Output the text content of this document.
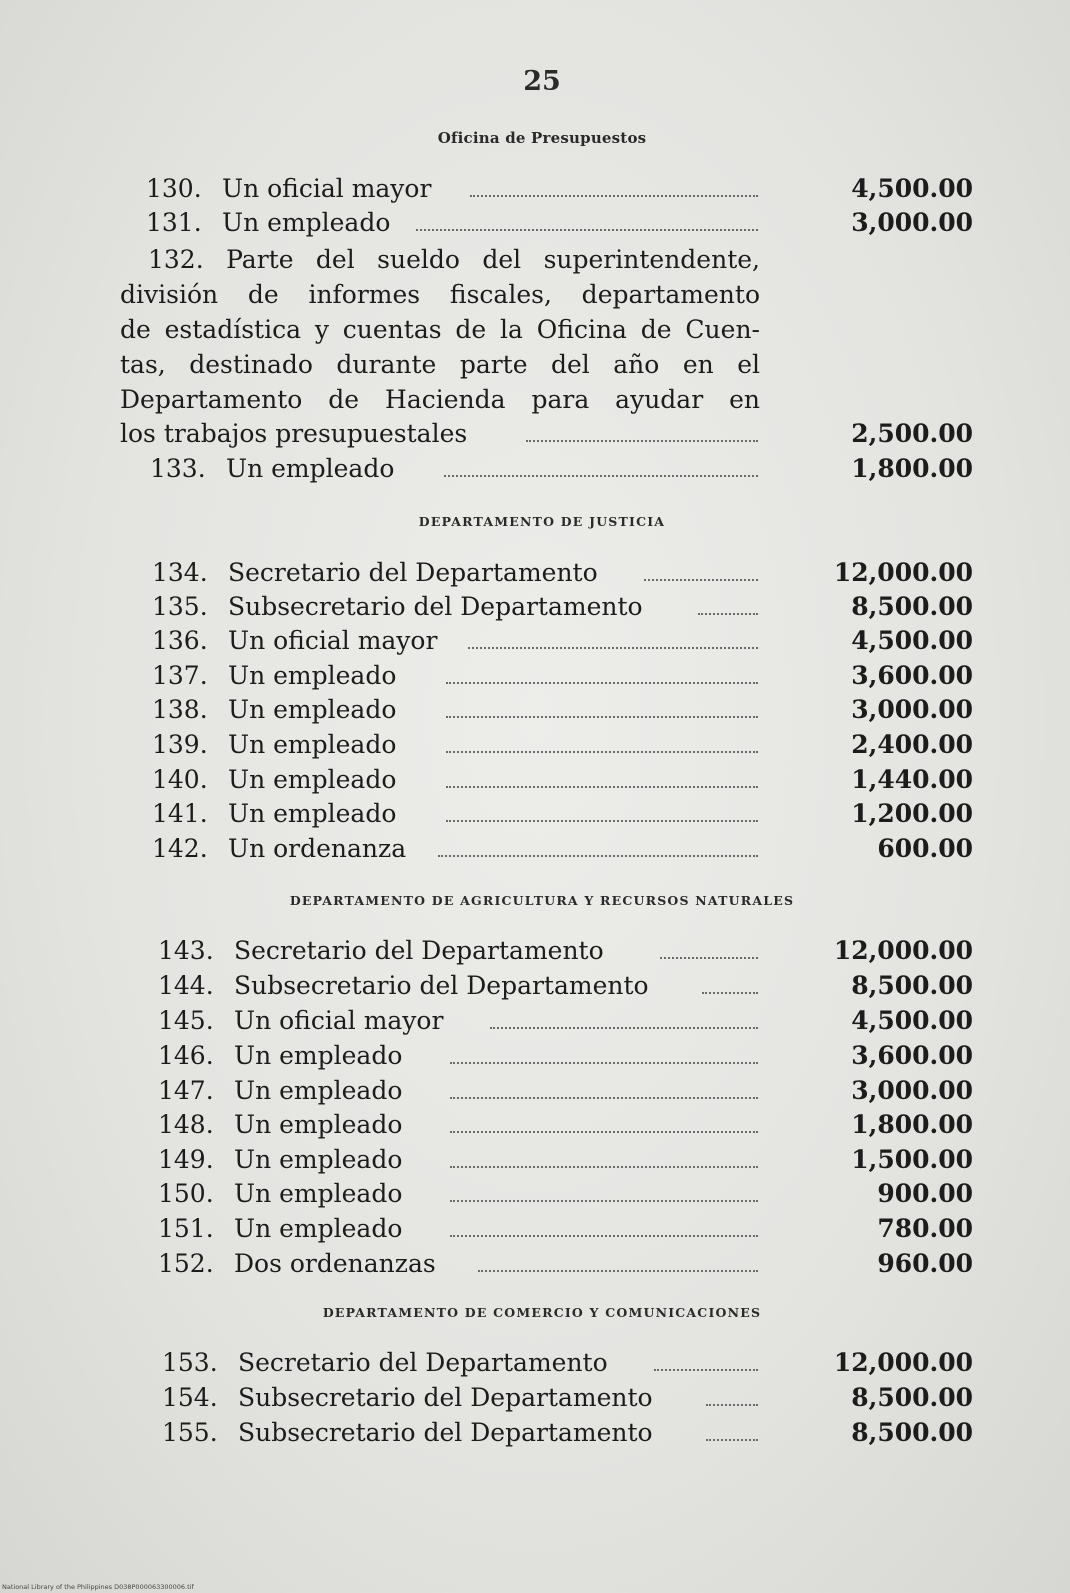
25
Oficina de Presupuestos
130. Un oficial mayor	4,500.00
131. Un empleado	3,000.00
132. Parte del sueldo del superintendente,
división de informes fiscales, departamento
de estadística y cuentas de la Oficina de Cuen-
tas, destinado durante parte del año en el
Departamento de Hacienda para ayudar en
los trabajos presupuestales	2,500.00
133. Un empleado	1,800.00
DEPARTAMENTO DE JUSTICIA
134. Secretario del Departamento	12,000.00
135. Subsecretario del Departamento	8,500.00
136. Un oficial mayor	4,500.00
137. Un empleado	3,600.00
138. Un empleado	3,000.00
139. Un empleado	2,400.00
140. Un empleado	1,440.00
141. Un empleado	1,200.00
142. Un ordenanza	600.00
DEPARTAMENTO DE AGRICULTURA Y RECURSOS NATURALES
143. Secretario del Departamento	12,000.00
144. Subsecretario del Departamento	8,500.00
145. Un oficial mayor	4,500.00
146. Un empleado	3,600.00
147. Un empleado	3,000.00
148. Un empleado	1,800.00
149. Un empleado	1,500.00
150. Un empleado	900.00
151. Un empleado	780.00
152. Dos ordenanzas	960.00
DEPARTAMENTO DE COMERCIO Y COMUNICACIONES
153. Secretario del Departamento	12,000.00
154. Subsecretario del Departamento	8,500.00
155. Subsecretario del Departamento	8,500.00
National Library of the Philippines D038P000063300006.tif
